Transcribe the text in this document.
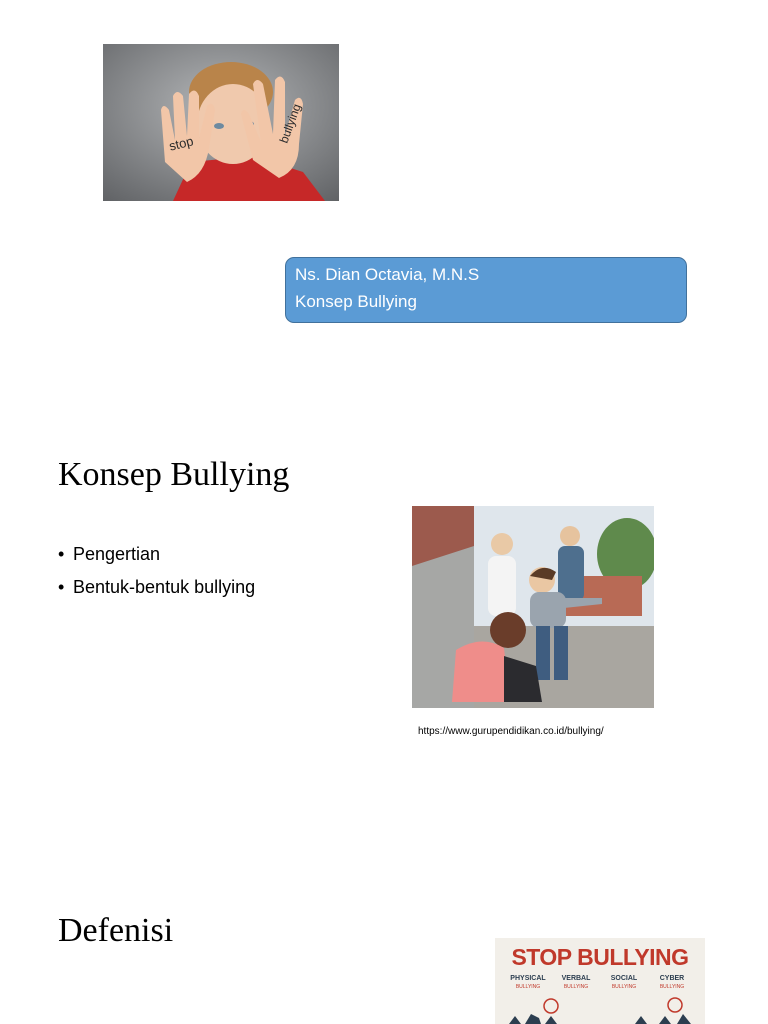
stop	bullying
Ns. Dian Octavia, M.N.S
Konsep Bullying
Konsep Bullying
• Pengertian
• Bentuk-bentuk bullying
https://www.gurupendidikan.co.id/bullying/
Defenisi
STOP BULLYING
PHYSICAL
BULLYING
VERBAL
BULLYING
SOCIAL
BULLYING
CYBER
BULLYING
